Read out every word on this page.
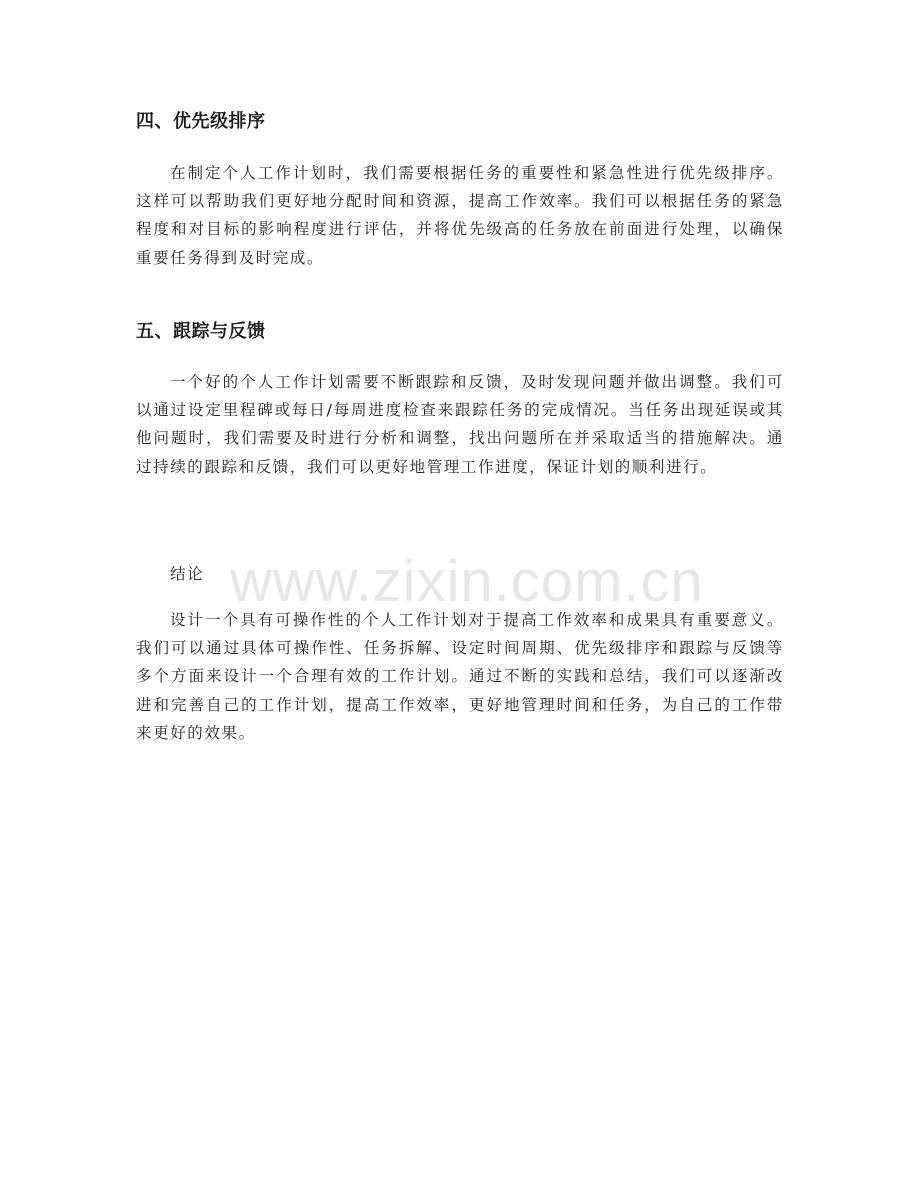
四、优先级排序

在制定个人工作计划时，我们需要根据任务的重要性和紧急性进行优先级排序。这样可以帮助我们更好地分配时间和资源，提高工作效率。我们可以根据任务的紧急程度和对目标的影响程度进行评估，并将优先级高的任务放在前面进行处理，以确保重要任务得到及时完成。

五、跟踪与反馈

一个好的个人工作计划需要不断跟踪和反馈，及时发现问题并做出调整。我们可以通过设定里程碑或每日/每周进度检查来跟踪任务的完成情况。当任务出现延误或其他问题时，我们需要及时进行分析和调整，找出问题所在并采取适当的措施解决。通过持续的跟踪和反馈，我们可以更好地管理工作进度，保证计划的顺利进行。

结论

设计一个具有可操作性的个人工作计划对于提高工作效率和成果具有重要意义。我们可以通过具体可操作性、任务拆解、设定时间周期、优先级排序和跟踪与反馈等多个方面来设计一个合理有效的工作计划。通过不断的实践和总结，我们可以逐渐改进和完善自己的工作计划，提高工作效率，更好地管理时间和任务，为自己的工作带来更好的效果。

www.zixin.com.cn
